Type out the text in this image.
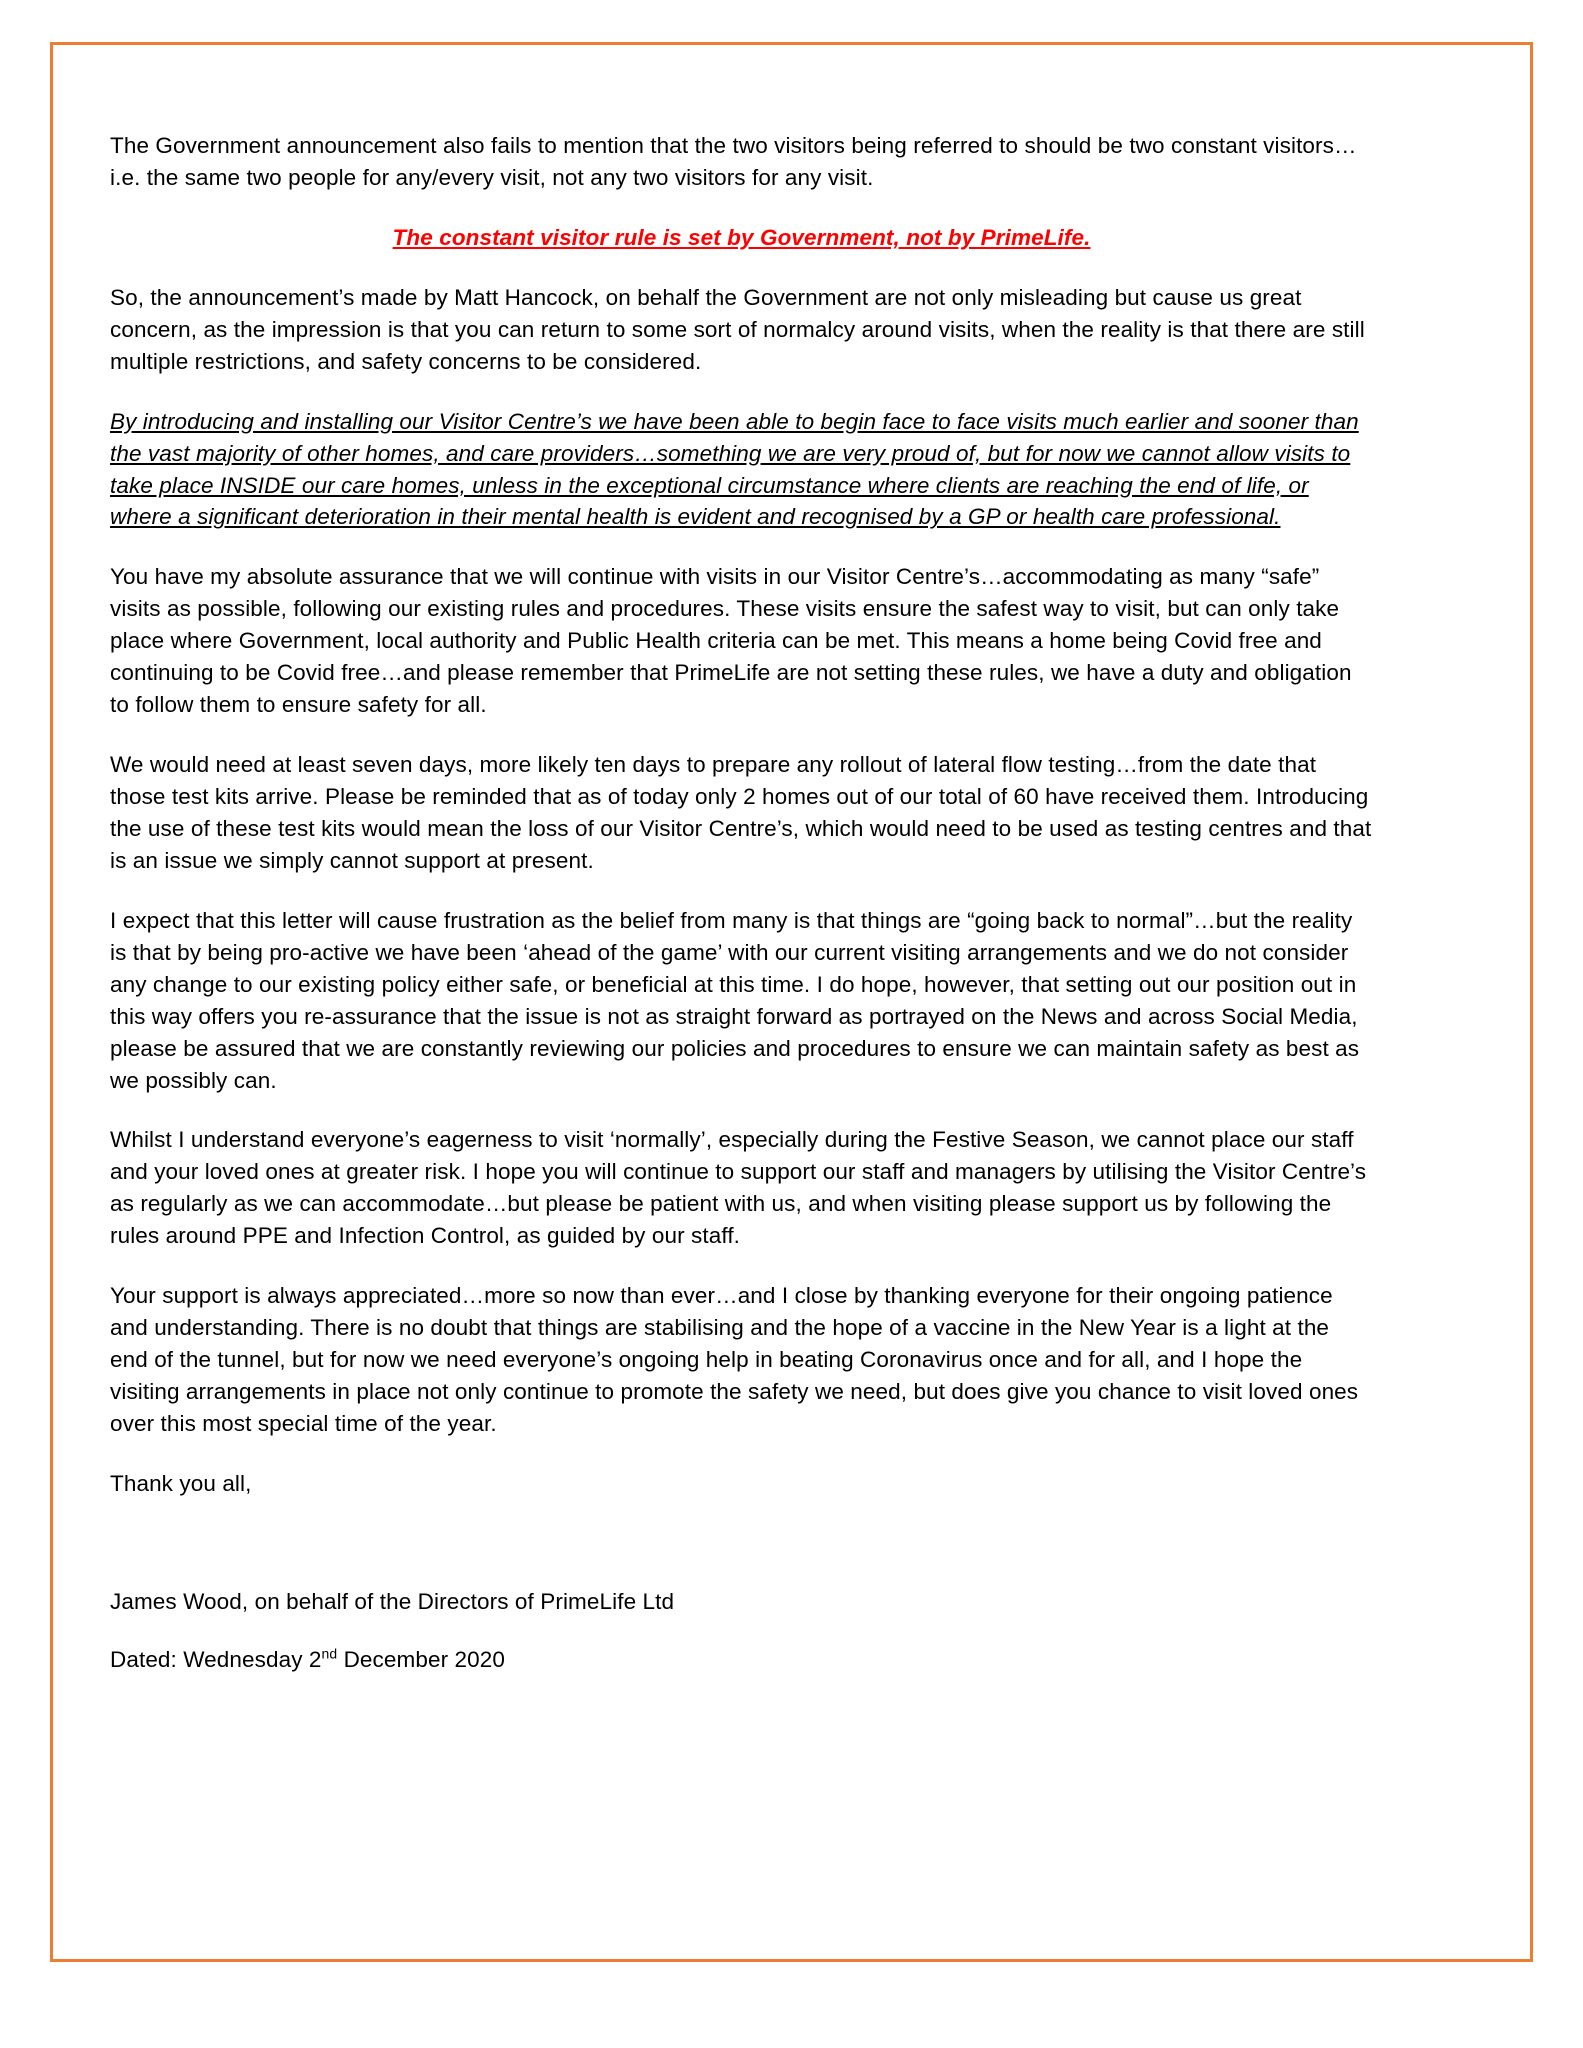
The Government announcement also fails to mention that the two visitors being referred to should be two constant visitors…i.e. the same two people for any/every visit, not any two visitors for any visit.

The constant visitor rule is set by Government, not by PrimeLife.

So, the announcement’s made by Matt Hancock, on behalf the Government are not only misleading but cause us great concern, as the impression is that you can return to some sort of normalcy around visits, when the reality is that there are still multiple restrictions, and safety concerns to be considered.

By introducing and installing our Visitor Centre’s we have been able to begin face to face visits much earlier and sooner than the vast majority of other homes, and care providers…something we are very proud of, but for now we cannot allow visits to take place INSIDE our care homes, unless in the exceptional circumstance where clients are reaching the end of life, or where a significant deterioration in their mental health is evident and recognised by a GP or health care professional.

You have my absolute assurance that we will continue with visits in our Visitor Centre’s…accommodating as many “safe” visits as possible, following our existing rules and procedures. These visits ensure the safest way to visit, but can only take place where Government, local authority and Public Health criteria can be met. This means a home being Covid free and continuing to be Covid free…and please remember that PrimeLife are not setting these rules, we have a duty and obligation to follow them to ensure safety for all.

We would need at least seven days, more likely ten days to prepare any rollout of lateral flow testing…from the date that those test kits arrive. Please be reminded that as of today only 2 homes out of our total of 60 have received them. Introducing the use of these test kits would mean the loss of our Visitor Centre’s, which would need to be used as testing centres and that is an issue we simply cannot support at present.

I expect that this letter will cause frustration as the belief from many is that things are “going back to normal”…but the reality is that by being pro-active we have been ‘ahead of the game’ with our current visiting arrangements and we do not consider any change to our existing policy either safe, or beneficial at this time. I do hope, however, that setting out our position out in this way offers you re-assurance that the issue is not as straight forward as portrayed on the News and across Social Media, please be assured that we are constantly reviewing our policies and procedures to ensure we can maintain safety as best as we possibly can.

Whilst I understand everyone’s eagerness to visit ‘normally’, especially during the Festive Season, we cannot place our staff and your loved ones at greater risk. I hope you will continue to support our staff and managers by utilising the Visitor Centre’s as regularly as we can accommodate…but please be patient with us, and when visiting please support us by following the rules around PPE and Infection Control, as guided by our staff.

Your support is always appreciated…more so now than ever…and I close by thanking everyone for their ongoing patience and understanding. There is no doubt that things are stabilising and the hope of a vaccine in the New Year is a light at the end of the tunnel, but for now we need everyone’s ongoing help in beating Coronavirus once and for all, and I hope the visiting arrangements in place not only continue to promote the safety we need, but does give you chance to visit loved ones over this most special time of the year.

Thank you all,

James Wood, on behalf of the Directors of PrimeLife Ltd

Dated: Wednesday 2nd December 2020
